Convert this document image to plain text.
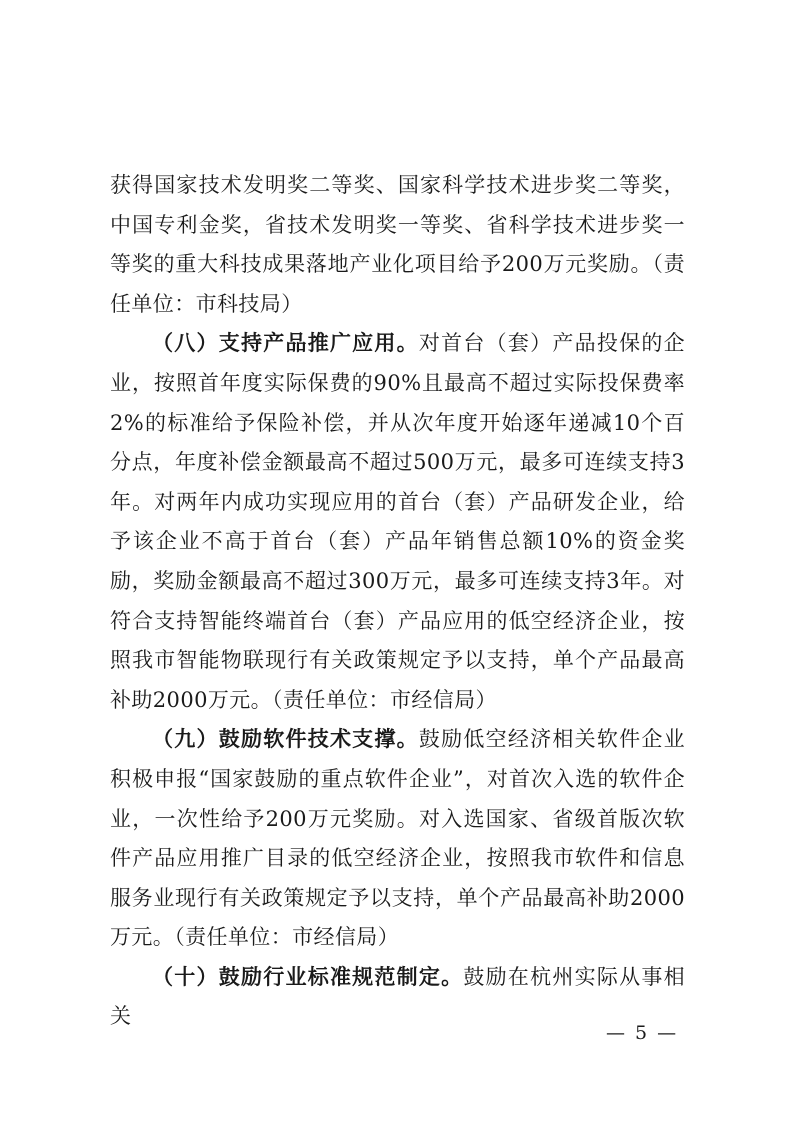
获得国家技术发明奖二等奖、国家科学技术进步奖二等奖，中国专利金奖，省技术发明奖一等奖、省科学技术进步奖一等奖的重大科技成果落地产业化项目给予200万元奖励。（责任单位：市科技局）

（八）支持产品推广应用。对首台（套）产品投保的企业，按照首年度实际保费的90%且最高不超过实际投保费率2%的标准给予保险补偿，并从次年度开始逐年递减10个百分点，年度补偿金额最高不超过500万元，最多可连续支持3年。对两年内成功实现应用的首台（套）产品研发企业，给予该企业不高于首台（套）产品年销售总额10%的资金奖励，奖励金额最高不超过300万元，最多可连续支持3年。对符合支持智能终端首台（套）产品应用的低空经济企业，按照我市智能物联现行有关政策规定予以支持，单个产品最高补助2000万元。（责任单位：市经信局）

（九）鼓励软件技术支撑。鼓励低空经济相关软件企业积极申报“国家鼓励的重点软件企业”，对首次入选的软件企业，一次性给予200万元奖励。对入选国家、省级首版次软件产品应用推广目录的低空经济企业，按照我市软件和信息服务业现行有关政策规定予以支持，单个产品最高补助2000万元。（责任单位：市经信局）

（十）鼓励行业标准规范制定。鼓励在杭州实际从事相关

— 5 —
